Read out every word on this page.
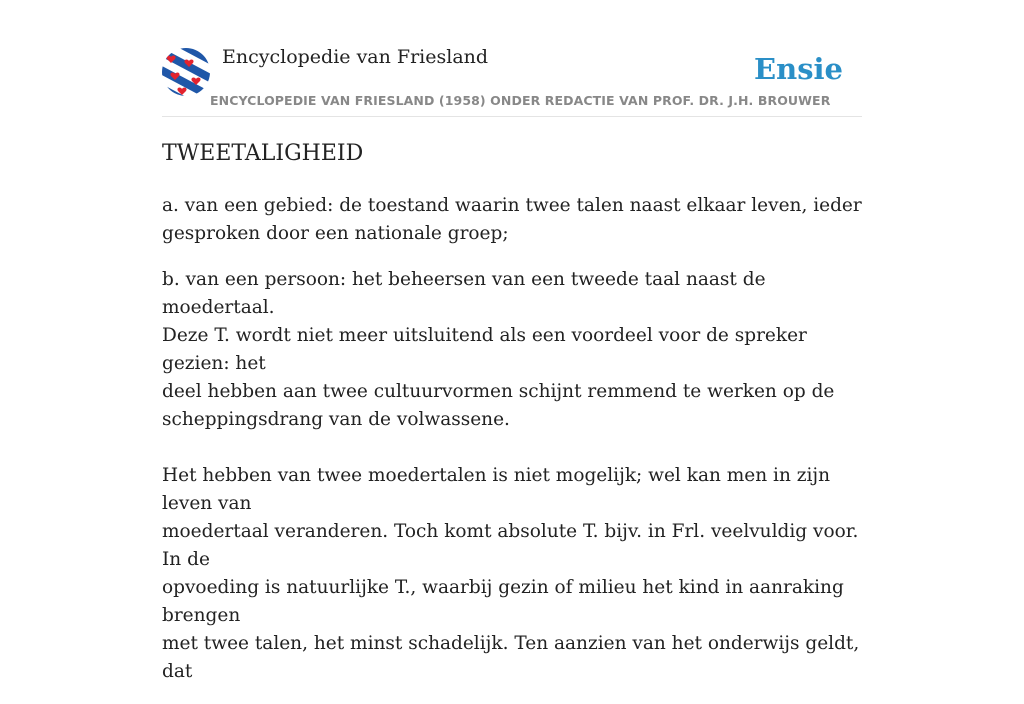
Encyclopedie van Friesland
ENCYCLOPEDIE VAN FRIESLAND (1958) ONDER REDACTIE VAN PROF. DR. J.H. BROUWER
Ensie
TWEETALIGHEID

a. van een gebied: de toestand waarin twee talen naast elkaar leven, ieder
gesproken door een nationale groep;

b. van een persoon: het beheersen van een tweede taal naast de moedertaal.
Deze T. wordt niet meer uitsluitend als een voordeel voor de spreker gezien: het
deel hebben aan twee cultuurvormen schijnt remmend te werken op de
scheppingsdrang van de volwassene.

Het hebben van twee moedertalen is niet mogelijk; wel kan men in zijn leven van
moedertaal veranderen. Toch komt absolute T. bijv. in Frl. veelvuldig voor. In de
opvoeding is natuurlijke T., waarbij gezin of milieu het kind in aanraking brengen
met twee talen, het minst schadelijk. Ten aanzien van het onderwijs geldt, dat
